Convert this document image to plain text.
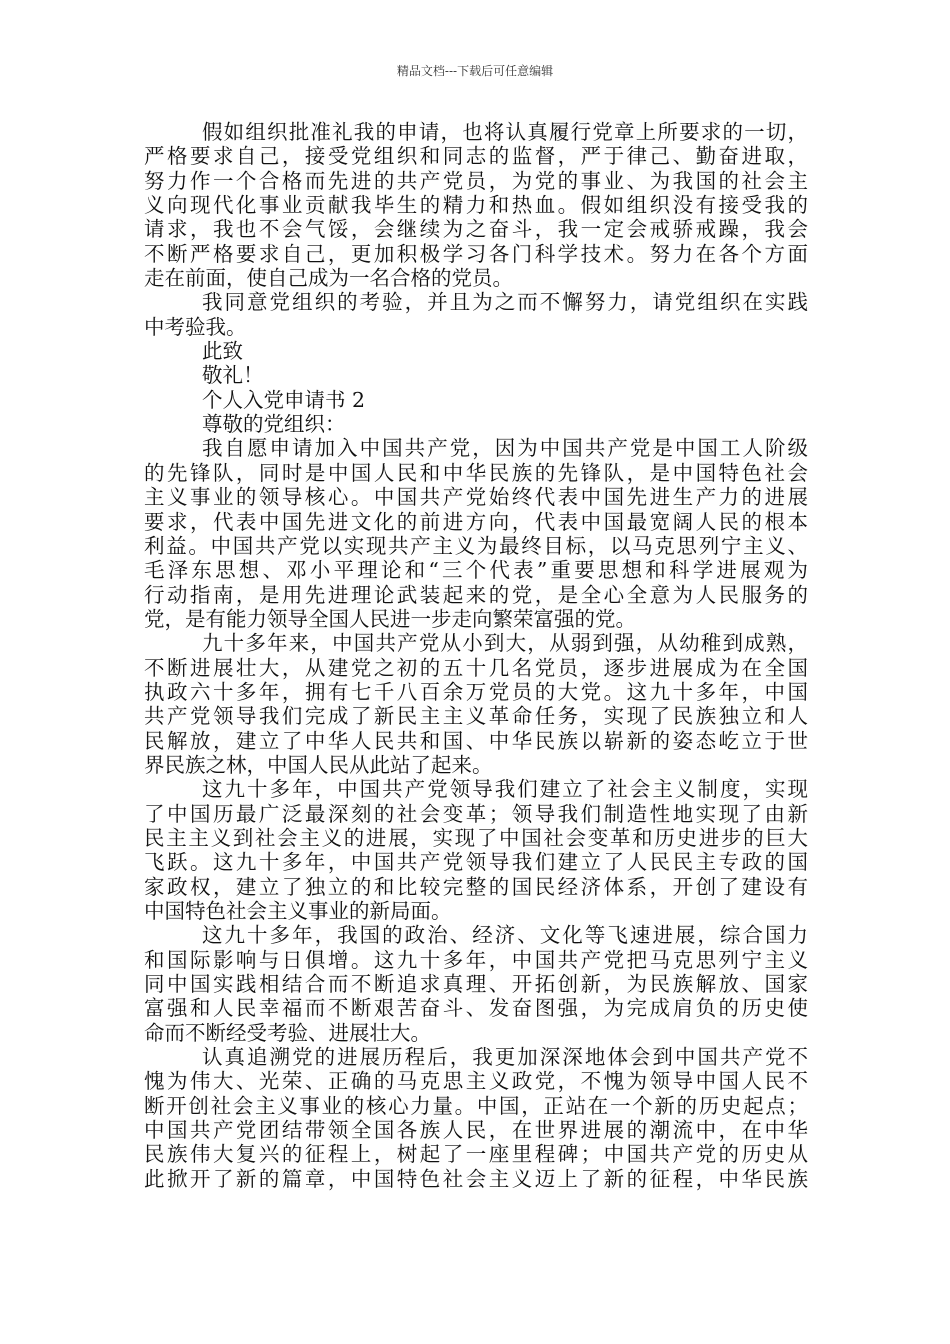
精品文档---下载后可任意编辑
假如组织批准礼我的申请，也将认真履行党章上所要求的一切，
严格要求自己，接受党组织和同志的监督，严于律己、勤奋进取，
努力作一个合格而先进的共产党员，为党的事业、为我国的社会主
义向现代化事业贡献我毕生的精力和热血。假如组织没有接受我的
请求，我也不会气馁，会继续为之奋斗，我一定会戒骄戒躁，我会
不断严格要求自己，更加积极学习各门科学技术。努力在各个方面
走在前面，使自己成为一名合格的党员。
我同意党组织的考验，并且为之而不懈努力，请党组织在实践
中考验我。
此致
敬礼！
个人入党申请书 2
尊敬的党组织：
我自愿申请加入中国共产党，因为中国共产党是中国工人阶级
的先锋队，同时是中国人民和中华民族的先锋队，是中国特色社会
主义事业的领导核心。中国共产党始终代表中国先进生产力的进展
要求，代表中国先进文化的前进方向，代表中国最宽阔人民的根本
利益。中国共产党以实现共产主义为最终目标，以马克思列宁主义、
毛泽东思想、邓小平理论和“三个代表”重要思想和科学进展观为
行动指南，是用先进理论武装起来的党，是全心全意为人民服务的
党，是有能力领导全国人民进一步走向繁荣富强的党。
九十多年来，中国共产党从小到大，从弱到强，从幼稚到成熟，
不断进展壮大，从建党之初的五十几名党员，逐步进展成为在全国
执政六十多年，拥有七千八百余万党员的大党。这九十多年，中国
共产党领导我们完成了新民主主义革命任务，实现了民族独立和人
民解放，建立了中华人民共和国、中华民族以崭新的姿态屹立于世
界民族之林，中国人民从此站了起来。
这九十多年，中国共产党领导我们建立了社会主义制度，实现
了中国历最广泛最深刻的社会变革；领导我们制造性地实现了由新
民主主义到社会主义的进展，实现了中国社会变革和历史进步的巨大
飞跃。这九十多年，中国共产党领导我们建立了人民民主专政的国
家政权，建立了独立的和比较完整的国民经济体系，开创了建设有
中国特色社会主义事业的新局面。
这九十多年，我国的政治、经济、文化等飞速进展，综合国力
和国际影响与日俱增。这九十多年，中国共产党把马克思列宁主义
同中国实践相结合而不断追求真理、开拓创新，为民族解放、国家
富强和人民幸福而不断艰苦奋斗、发奋图强，为完成肩负的历史使
命而不断经受考验、进展壮大。
认真追溯党的进展历程后，我更加深深地体会到中国共产党不
愧为伟大、光荣、正确的马克思主义政党，不愧为领导中国人民不
断开创社会主义事业的核心力量。中国，正站在一个新的历史起点；
中国共产党团结带领全国各族人民，在世界进展的潮流中，在中华
民族伟大复兴的征程上，树起了一座里程碑；中国共产党的历史从
此掀开了新的篇章，中国特色社会主义迈上了新的征程，中华民族
